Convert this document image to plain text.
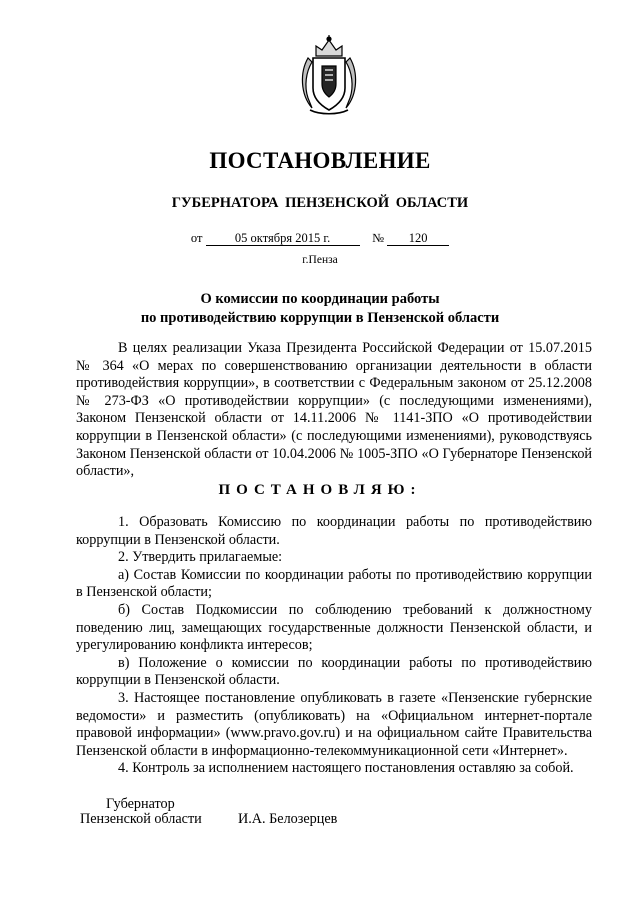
ПОСТАНОВЛЕНИЕ
ГУБЕРНАТОРА ПЕНЗЕНСКОЙ ОБЛАСТИ
от	05 октября 2015 г.	№ 120
г.Пенза
О комиссии по координации работы
по противодействию коррупции в Пензенской области

В целях реализации Указа Президента Российской Федерации от 15.07.2015 № 364 «О мерах по совершенствованию организации деятельности в области противодействия коррупции», в соответствии с Федеральным законом от 25.12.2008 № 273-ФЗ «О противодействии коррупции» (с последующими изменениями), Законом Пензенской области от 14.11.2006 № 1141-ЗПО «О противодействии коррупции в Пензенской области» (с последующими изменениями), руководствуясь Законом Пензенской области от 10.04.2006 № 1005-ЗПО «О Губернаторе Пензенской области»,

ПОСТАНОВЛЯЮ:

1. Образовать Комиссию по координации работы по противодействию коррупции в Пензенской области.

2. Утвердить прилагаемые:

а) Состав Комиссии по координации работы по противодействию коррупции в Пензенской области;

б) Состав Подкомиссии по соблюдению требований к должностному поведению лиц, замещающих государственные должности Пензенской области, и урегулированию конфликта интересов;

в) Положение о комиссии по координации работы по противодействию коррупции в Пензенской области.

3. Настоящее постановление опубликовать в газете «Пензенские губернские ведомости» и разместить (опубликовать) на «Официальном интернет-портале правовой информации» (www.pravo.gov.ru) и на официальном сайте Правительства Пензенской области в информационно-телекоммуникационной сети «Интернет».

4. Контроль за исполнением настоящего постановления оставляю за собой.

Губернатор
Пензенской области	И.А. Белозерцев
